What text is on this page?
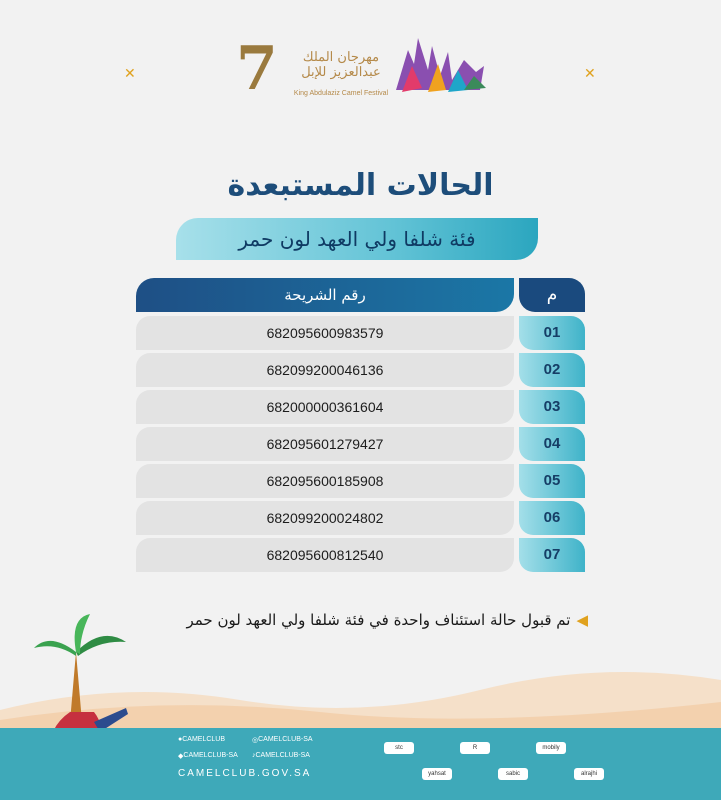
✕	✕
7	مهرجان الملك عبدالعزيز للإبل
King Abdulaziz Camel Festival
الحالات المستبعدة
فئة شلفا ولي العهد لون حمر
رقم الشريحة	م
682095600983579	01
682099200046136	02
682000000361604	03
682095601279427	04
682095600185908	05
682099200024802	06
682095600812540	07
◀تم قبول حالة استئناف واحدة في فئة شلفا ولي العهد لون حمر
● CAMELCLUB	◎ CAMELCLUB-SA
◆ CAMELCLUB-SA ♪ CAMELCLUB-SA
CAMELCLUB.GOV.SA
stc
yahsat
R
sabic
mobily
alrajhi
